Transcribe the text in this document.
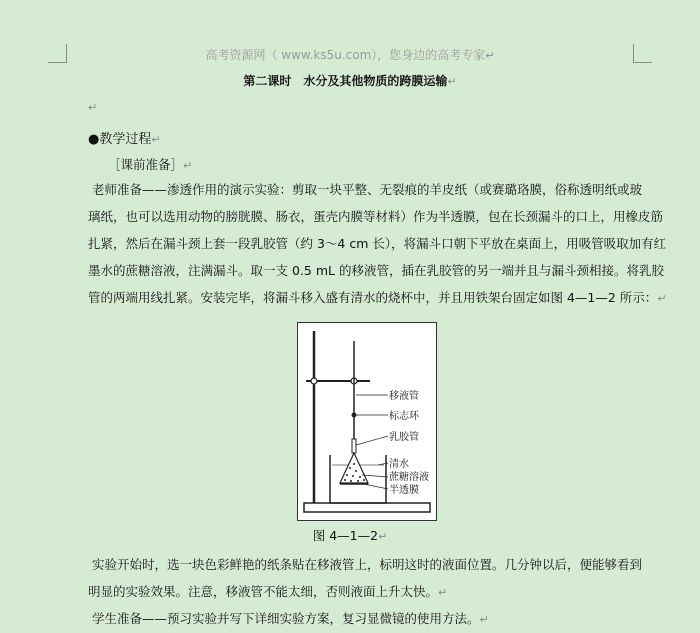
高考资源网（ www.ks5u.com），您身边的高考专家↵
第二课时　水分及其他物质的跨膜运输↵
↵
●教学过程↵
［课前准备］↵

老师准备——渗透作用的演示实验：剪取一块平整、无裂痕的羊皮纸（或赛璐珞膜，俗称透明纸或玻

璃纸，也可以选用动物的膀胱膜、肠衣，蛋壳内膜等材料）作为半透膜，包在长颈漏斗的口上，用橡皮筋

扎紧，然后在漏斗颈上套一段乳胶管（约 3～4 cm 长），将漏斗口朝下平放在桌面上，用吸管吸取加有红

墨水的蔗糖溶液，注满漏斗。取一支 0.5 mL 的移液管，插在乳胶管的另一端并且与漏斗颈相接。将乳胶

管的两端用线扎紧。安装完毕，将漏斗移入盛有清水的烧杯中，并且用铁架台固定如图 4—1—2 所示：↵

移液管
标志环
乳胶管
清水
蔗糖溶液
半透膜
图 4—1—2↵

实验开始时，选一块色彩鲜艳的纸条贴在移液管上，标明这时的液面位置。几分钟以后，便能够看到

明显的实验效果。注意，移液管不能太细，否则液面上升太快。↵

学生准备——预习实验并写下详细实验方案，复习显微镜的使用方法。↵
